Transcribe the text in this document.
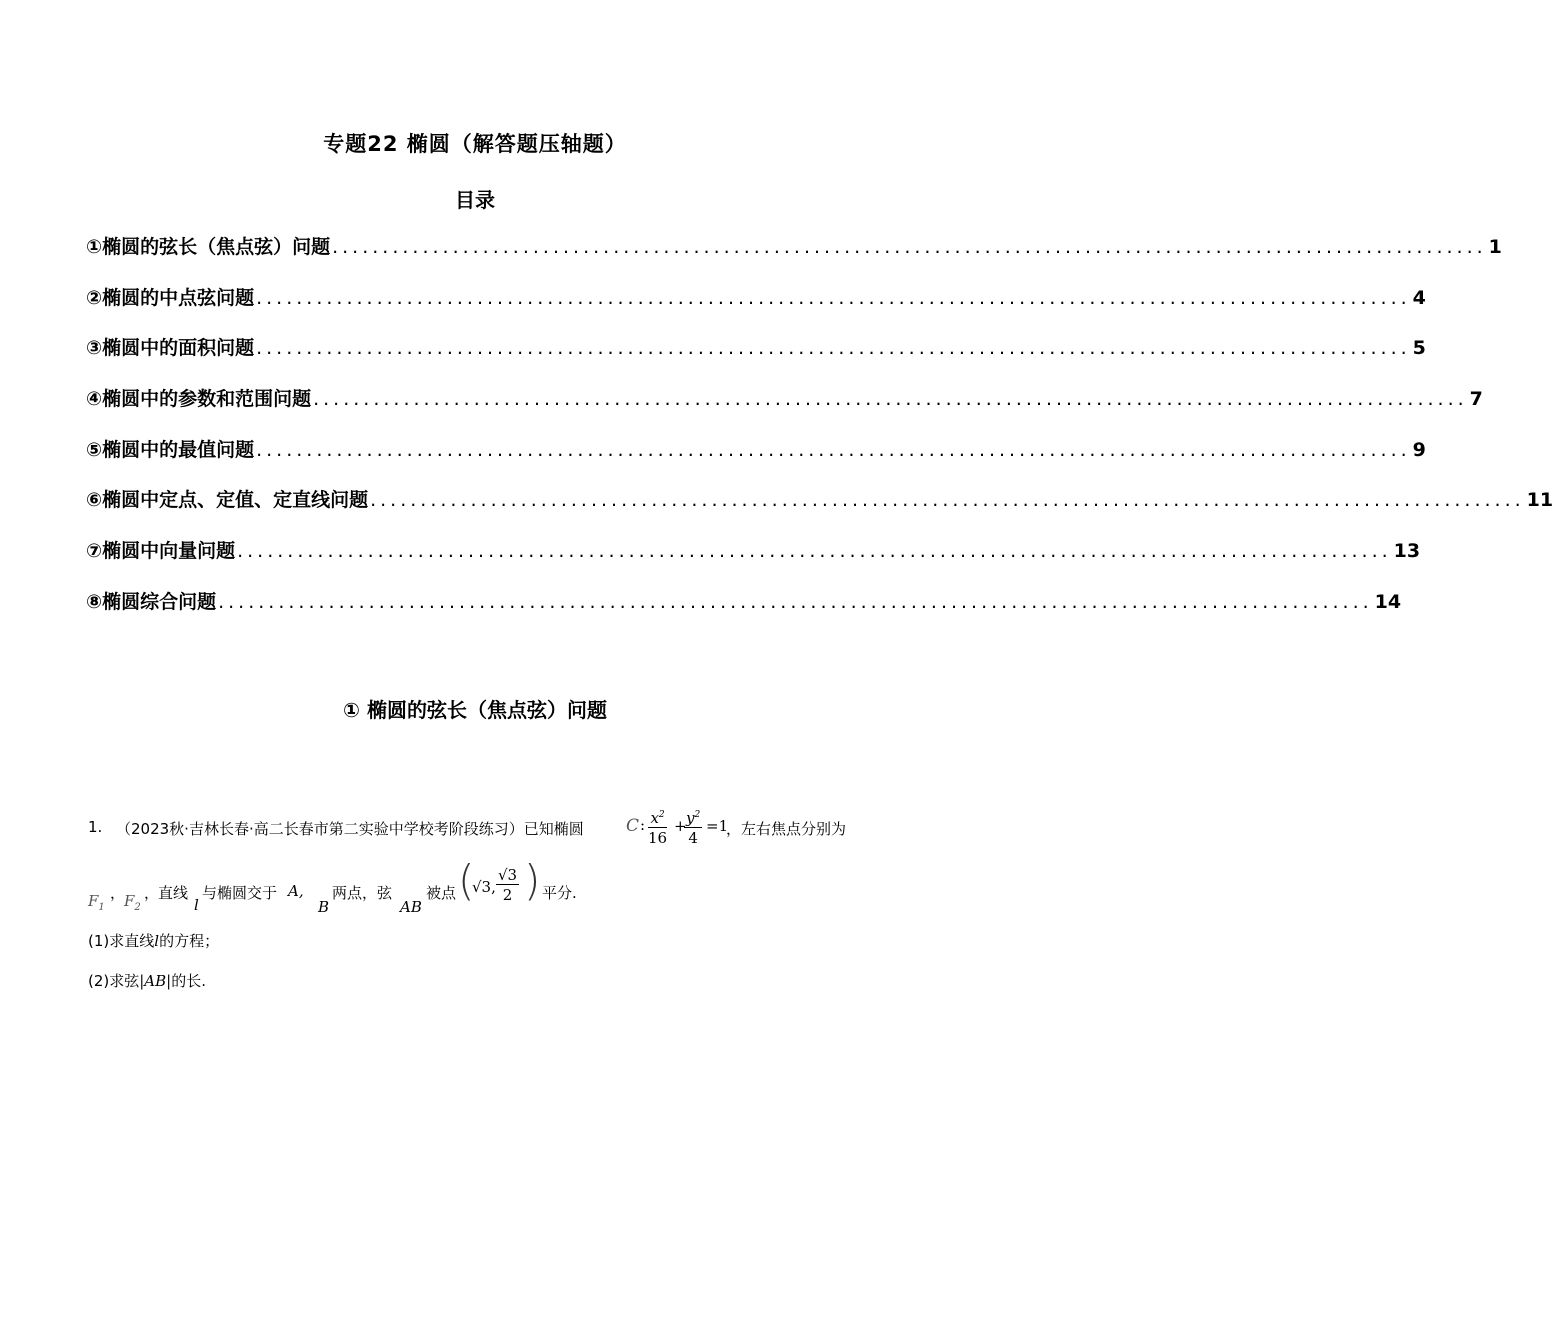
专题22 椭圆（解答题压轴题）
目录
①椭圆的弦长（焦点弦）问题 ................................................................................................................... 1
②椭圆的中点弦问题 ................................................................................................................... 4
③椭圆中的面积问题 ................................................................................................................... 5
④椭圆中的参数和范围问题 ................................................................................................................... 7
⑤椭圆中的最值问题 ................................................................................................................... 9
⑥椭圆中定点、定值、定直线问题 ................................................................................................................... 11
⑦椭圆中向量问题 ................................................................................................................... 13
⑧椭圆综合问题 ................................................................................................................... 14
① 椭圆的弦长（焦点弦）问题
1. （2023秋·吉林长春·高二长春市第二实验中学校考阶段练习）已知椭圆 C : $\frac{x^2}{16}$ +
$\frac{y^2}{4} =1$
，左右焦点分别为
$F_1$
，
$F_2$
，
直线
l
与椭圆交于 A,
B
两点，弦
AB
被点 (
√3, $\frac{√3}{2}$ ) 平分.
(1)求直线l的方程；
(2)求弦|AB|的长.
